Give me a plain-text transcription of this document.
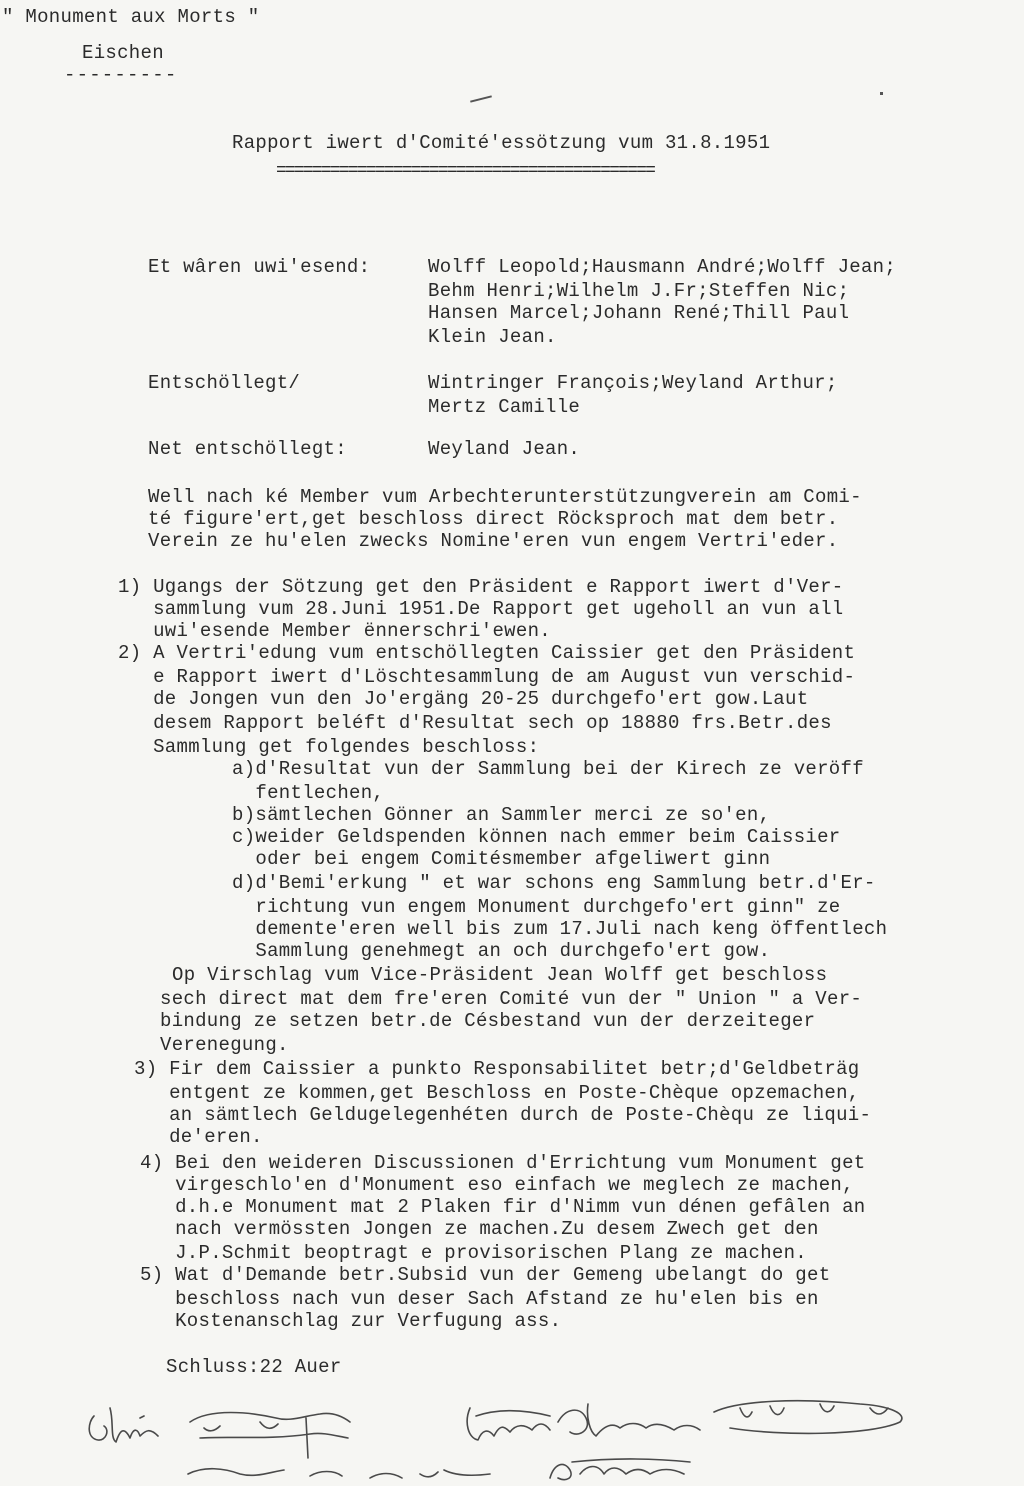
" Monument aux Morts "
Eischen
---------
Rapport iwert d'Comité'essötzung vum 31.8.1951
==========================================
Et wâren uwi'esend:	Wolff Leopold;Hausmann André;Wolff Jean;
Behm Henri;Wilhelm J.Fr;Steffen Nic;
Hansen Marcel;Johann René;Thill Paul
Klein Jean.
Entschöllegt/	Wintringer François;Weyland Arthur;
Mertz Camille
Net entschöllegt:	Weyland Jean.
Well nach ké Member vum Arbechterunterstützungverein am Comi-
té figure'ert,get beschloss direct Röcksproch mat dem betr.
Verein ze hu'elen zwecks Nomine'eren vun engem Vertri'eder.
1) Ugangs der Sötzung get den Präsident e Rapport iwert d'Ver-
sammlung vum 28.Juni 1951.De Rapport get ugeholl an vun all
uwi'esende Member ënnerschri'ewen.
2) A Vertri'edung vum entschöllegten Caissier get den Präsident
e Rapport iwert d'Löschtesammlung de am August vun verschid-
de Jongen vun den Jo'ergäng 20-25 durchgefo'ert gow.Laut
desem Rapport beléft d'Resultat sech op 18880 frs.Betr.des
Sammlung get folgendes beschloss:
a)d'Resultat vun der Sammlung bei der Kirech ze veröff
fentlechen,
b)sämtlechen Gönner an Sammler merci ze so'en,
c)weider Geldspenden können nach emmer beim Caissier
oder bei engem Comitésmember afgeliwert ginn
d)d'Bemi'erkung " et war schons eng Sammlung betr.d'Er-
richtung vun engem Monument durchgefo'ert ginn" ze
demente'eren well bis zum 17.Juli nach keng öffentlech
Sammlung genehmegt an och durchgefo'ert gow.
Op Virschlag vum Vice-Präsident Jean Wolff get beschloss
sech direct mat dem fre'eren Comité vun der " Union " a Ver-
bindung ze setzen betr.de Césbestand vun der derzeiteger
Verenegung.
3) Fir dem Caissier a punkto Responsabilitet betr;d'Geldbeträg
entgent ze kommen,get Beschloss en Poste-Chèque opzemachen,
an sämtlech Geldugelegenhéten durch de Poste-Chèqu ze liqui-
de'eren.
4) Bei den weideren Discussionen d'Errichtung vum Monument get
virgeschlo'en d'Monument eso einfach we meglech ze machen,
d.h.e Monument mat 2 Plaken fir d'Nimm vun dénen gefâlen an
nach vermössten Jongen ze machen.Zu desem Zwech get den
J.P.Schmit beoptragt e provisorischen Plang ze machen.
5) Wat d'Demande betr.Subsid vun der Gemeng ubelangt do get
beschloss nach vun deser Sach Afstand ze hu'elen bis en
Kostenanschlag zur Verfugung ass.
Schluss:22 Auer
